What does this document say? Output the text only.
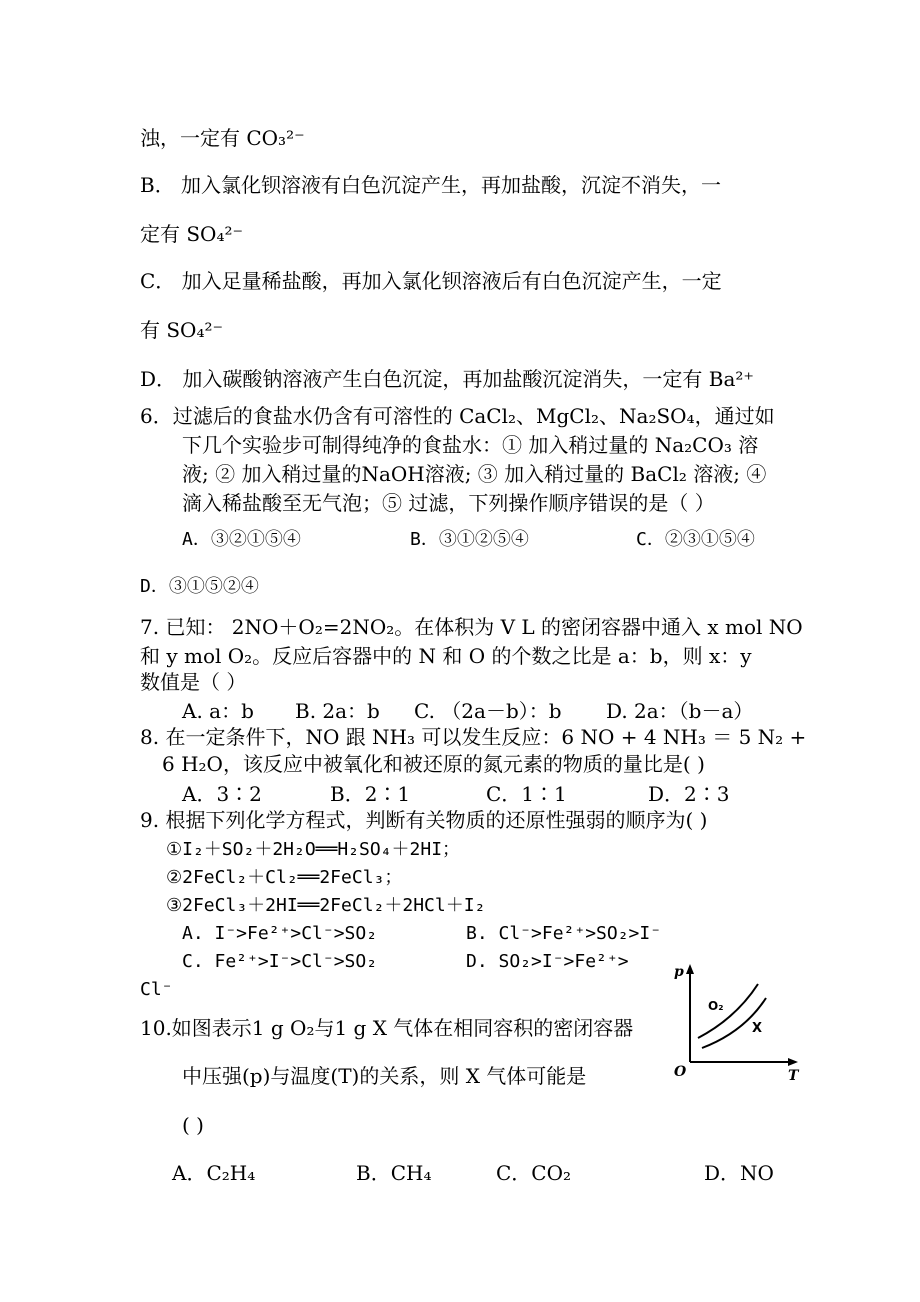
浊，一定有 CO₃²⁻
B． 加入氯化钡溶液有白色沉淀产生，再加盐酸，沉淀不消失，一
定有 SO₄²⁻
C． 加入足量稀盐酸，再加入氯化钡溶液后有白色沉淀产生，一定
有 SO₄²⁻
D． 加入碳酸钠溶液产生白色沉淀，再加盐酸沉淀消失，一定有 Ba²⁺
6．过滤后的食盐水仍含有可溶性的 CaCl₂、MgCl₂、Na₂SO₄，通过如
下几个实验步可制得纯净的食盐水：① 加入稍过量的 Na₂CO₃ 溶
液; ② 加入稍过量的NaOH溶液; ③ 加入稍过量的 BaCl₂ 溶液; ④
滴入稀盐酸至无气泡；⑤ 过滤，下列操作顺序错误的是（ ）
A．③②①⑤④	B．③①②⑤④	C．②③①⑤④
D．③①⑤②④
7. 已知： 2NO＋O₂=2NO₂。在体积为 V L 的密闭容器中通入 x mol NO
和 y mol O₂。反应后容器中的 N 和 O 的个数之比是 a：b，则 x：y
数值是（ ）
A. a：b B. 2a：b C. （2a－b）：b D. 2a：（b－a）
8. 在一定条件下，NO 跟 NH₃ 可以发生反应：6 NO + 4 NH₃ ＝ 5 N₂ +
6 H₂O，该反应中被氧化和被还原的氮元素的物质的量比是( )
A．3∶2	B．2∶1	C．1∶1	D．2∶3
9. 根据下列化学方程式，判断有关物质的还原性强弱的顺序为( )
①I₂＋SO₂＋2H₂O══H₂SO₄＋2HI；
②2FeCl₂＋Cl₂══2FeCl₃；
③2FeCl₃＋2HI══2FeCl₂＋2HCl＋I₂
A. I⁻>Fe²⁺>Cl⁻>SO₂	B. Cl⁻>Fe²⁺>SO₂>I⁻
C. Fe²⁺>I⁻>Cl⁻>SO₂	D. SO₂>I⁻>Fe²⁺>
Cl⁻
10.如图表示1 g O₂与1 g X 气体在相同容积的密闭容器
中压强(p)与温度(T)的关系，则 X 气体可能是
( )
A．C₂H₄	B．CH₄	C．CO₂	D．NO
p
T
O
O₂
X
